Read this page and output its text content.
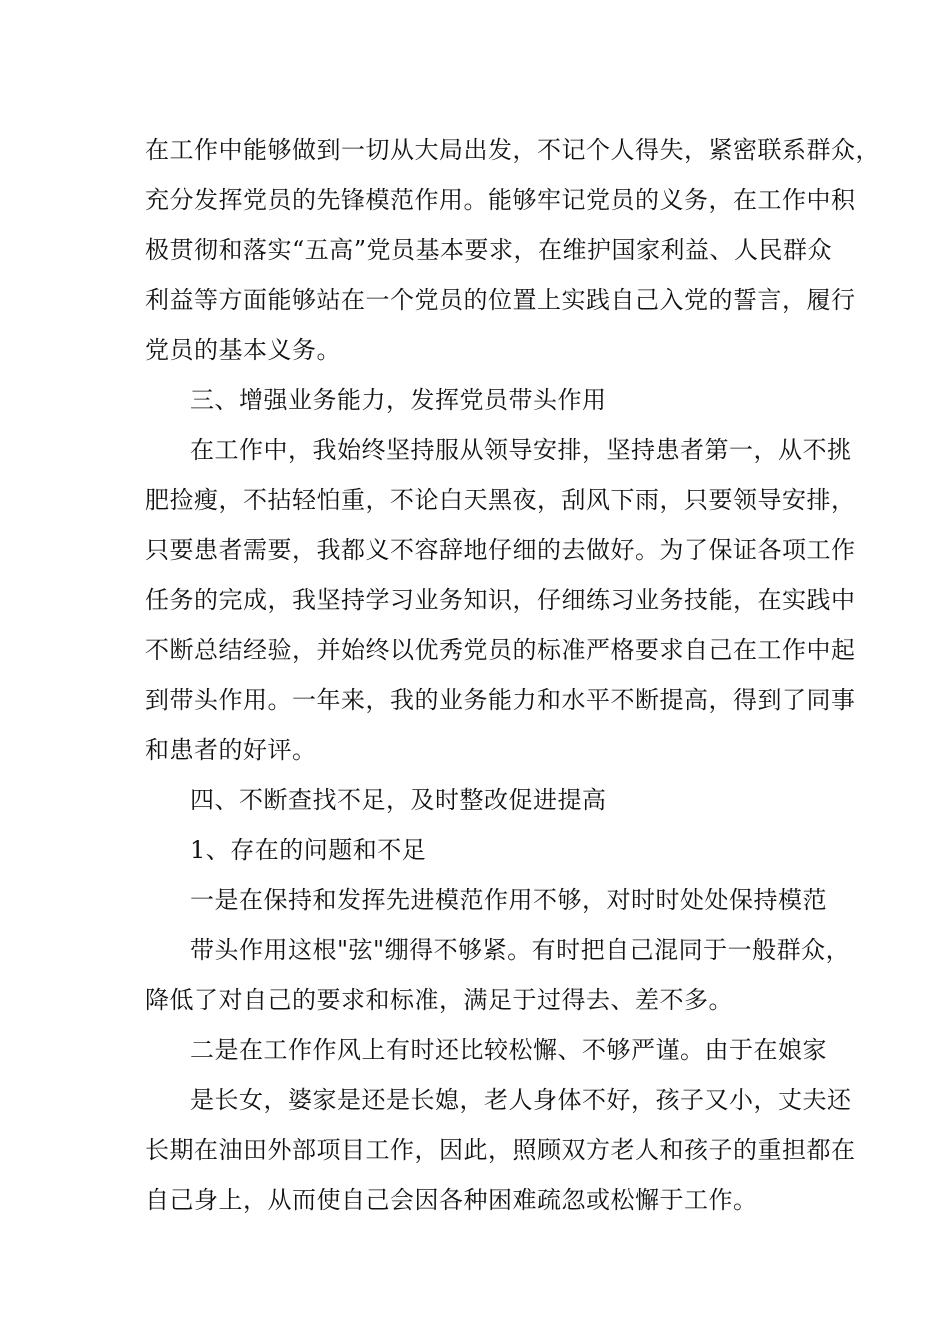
在工作中能够做到一切从大局出发，不记个人得失，紧密联系群众，
充分发挥党员的先锋模范作用。能够牢记党员的义务，在工作中积
极贯彻和落实“五高”党员基本要求，在维护国家利益、人民群众
利益等方面能够站在一个党员的位置上实践自己入党的誓言，履行
党员的基本义务。
三、增强业务能力，发挥党员带头作用
在工作中，我始终坚持服从领导安排，坚持患者第一，从不挑
肥捡瘦，不拈轻怕重，不论白天黑夜，刮风下雨，只要领导安排，
只要患者需要，我都义不容辞地仔细的去做好。为了保证各项工作
任务的完成，我坚持学习业务知识，仔细练习业务技能，在实践中
不断总结经验，并始终以优秀党员的标准严格要求自己在工作中起
到带头作用。一年来，我的业务能力和水平不断提高，得到了同事
和患者的好评。
四、不断查找不足，及时整改促进提高
1、存在的问题和不足
一是在保持和发挥先进模范作用不够，对时时处处保持模范
带头作用这根"弦"绷得不够紧。有时把自己混同于一般群众，
降低了对自己的要求和标准，满足于过得去、差不多。
二是在工作作风上有时还比较松懈、不够严谨。由于在娘家
是长女，婆家是还是长媳，老人身体不好，孩子又小，丈夫还
长期在油田外部项目工作，因此，照顾双方老人和孩子的重担都在
自己身上，从而使自己会因各种困难疏忽或松懈于工作。
